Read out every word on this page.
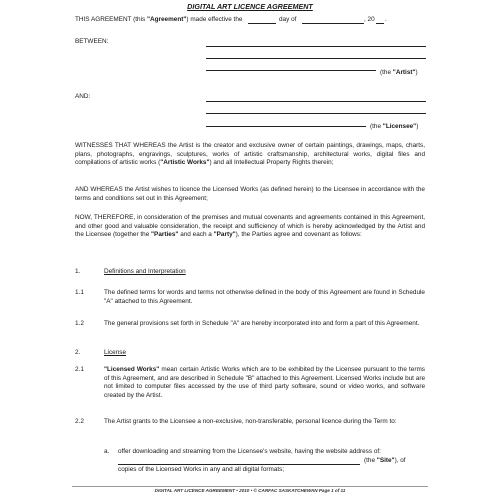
DIGITAL ART LICENCE AGREEMENT
THIS AGREEMENT (this "Agreement") made effective the	day of	, 20 .
BETWEEN:
(the "Artist")
AND:
(the "Licensee")
WITNESSES THAT WHEREAS the Artist is the creator and exclusive owner of certain paintings, drawings, maps, charts, plans, photographs, engravings, sculptures, works of artistic craftsmanship, architectural works, digital files and compilations of artistic works ("Artistic Works") and all Intellectual Property Rights therein;
AND WHEREAS the Artist wishes to licence the Licensed Works (as defined herein) to the Licensee in accordance with the terms and conditions set out in this Agreement;
NOW, THEREFORE, in consideration of the premises and mutual covenants and agreements contained in this Agreement, and other good and valuable consideration, the receipt and sufficiency of which is hereby acknowledged by the Artist and the Licensee (together the "Parties" and each a "Party"), the Parties agree and covenant as follows:
1.	Definitions and Interpretation
1.1	The defined terms for words and terms not otherwise defined in the body of this Agreement are found in Schedule "A" attached to this Agreement.
1.2	The general provisions set forth in Schedule "A" are hereby incorporated into and form a part of this Agreement.
2.	License
2.1	"Licensed Works" mean certain Artistic Works which are to be exhibited by the Licensee pursuant to the terms of this Agreement, and are described in Schedule "B" attached to this Agreement. Licensed Works include but are not limited to computer files accessed by the use of third party software, sound or video works, and software created by the Artist.
2.2	The Artist grants to the Licensee a non-exclusive, non-transferable, personal licence during the Term to:
a. offer downloading and streaming from the Licensee's website, having the website address of:
(the "Site"), of
copies of the Licensed Works in any and all digital formats;
DIGITAL ART LICENCE AGREEMENT • 2010 • © CARFAC SASKATCHEWAN Page 1 of 11
